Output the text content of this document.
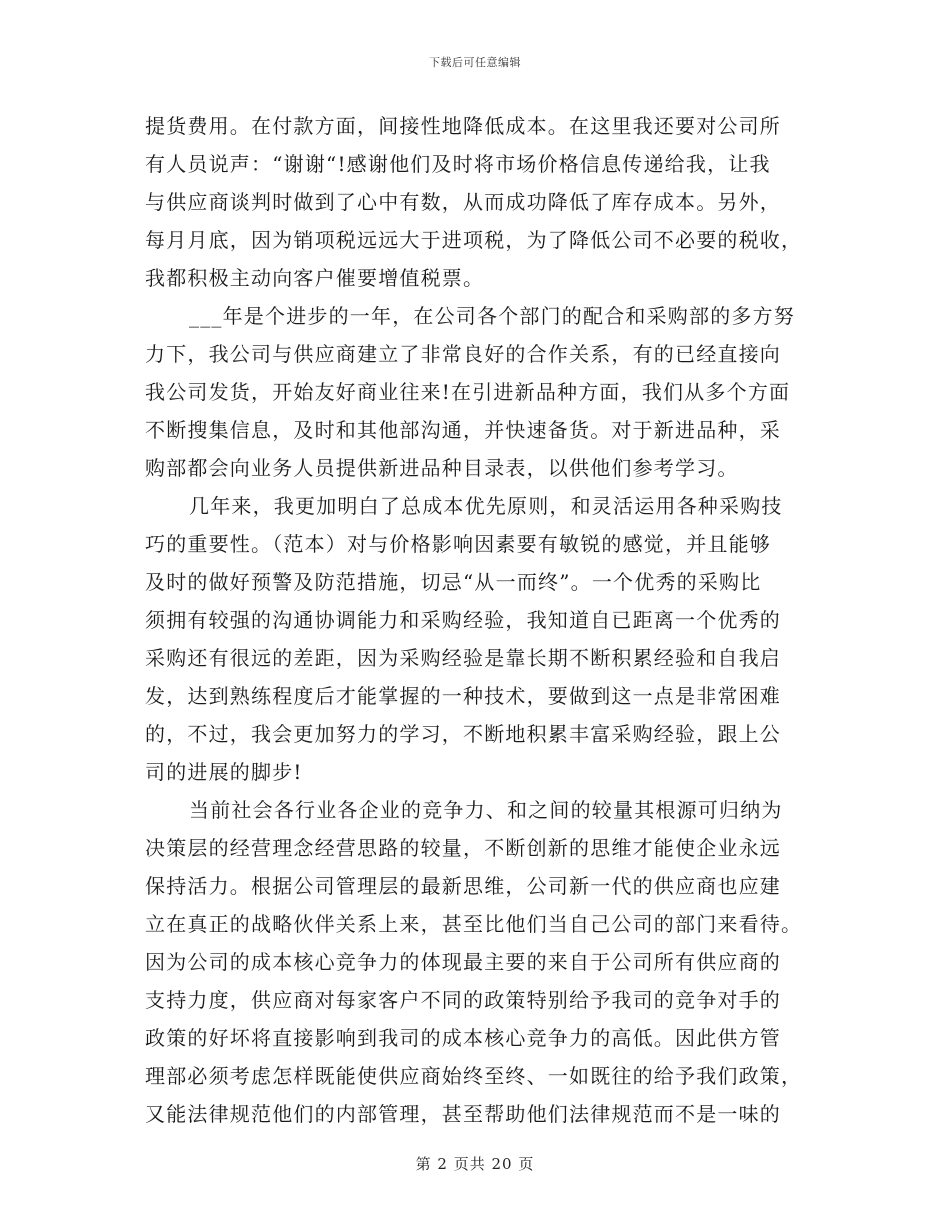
下载后可任意编辑
提货费用。在付款方面，间接性地降低成本。在这里我还要对公司所
有人员说声：“谢谢“!感谢他们及时将市场价格信息传递给我，让我
与供应商谈判时做到了心中有数，从而成功降低了库存成本。另外，
每月月底，因为销项税远远大于进项税，为了降低公司不必要的税收，
我都积极主动向客户催要增值税票。
___年是个进步的一年，在公司各个部门的配合和采购部的多方努
力下，我公司与供应商建立了非常良好的合作关系，有的已经直接向
我公司发货，开始友好商业往来!在引进新品种方面，我们从多个方面
不断搜集信息，及时和其他部沟通，并快速备货。对于新进品种，采
购部都会向业务人员提供新进品种目录表，以供他们参考学习。
几年来，我更加明白了总成本优先原则，和灵活运用各种采购技
巧的重要性。（范本）对与价格影响因素要有敏锐的感觉，并且能够
及时的做好预警及防范措施，切忌“从一而终”。一个优秀的采购比
须拥有较强的沟通协调能力和采购经验，我知道自已距离一个优秀的
采购还有很远的差距，因为采购经验是靠长期不断积累经验和自我启
发，达到熟练程度后才能掌握的一种技术，要做到这一点是非常困难
的，不过，我会更加努力的学习，不断地积累丰富采购经验，跟上公
司的进展的脚步!
当前社会各行业各企业的竞争力、和之间的较量其根源可归纳为
决策层的经营理念经营思路的较量，不断创新的思维才能使企业永远
保持活力。根据公司管理层的最新思维，公司新一代的供应商也应建
立在真正的战略伙伴关系上来，甚至比他们当自己公司的部门来看待。
因为公司的成本核心竞争力的体现最主要的来自于公司所有供应商的
支持力度，供应商对每家客户不同的政策特别给予我司的竞争对手的
政策的好坏将直接影响到我司的成本核心竞争力的高低。因此供方管
理部必须考虑怎样既能使供应商始终至终、一如既往的给予我们政策，
又能法律规范他们的内部管理，甚至帮助他们法律规范而不是一味的
第 2 页共 20 页
